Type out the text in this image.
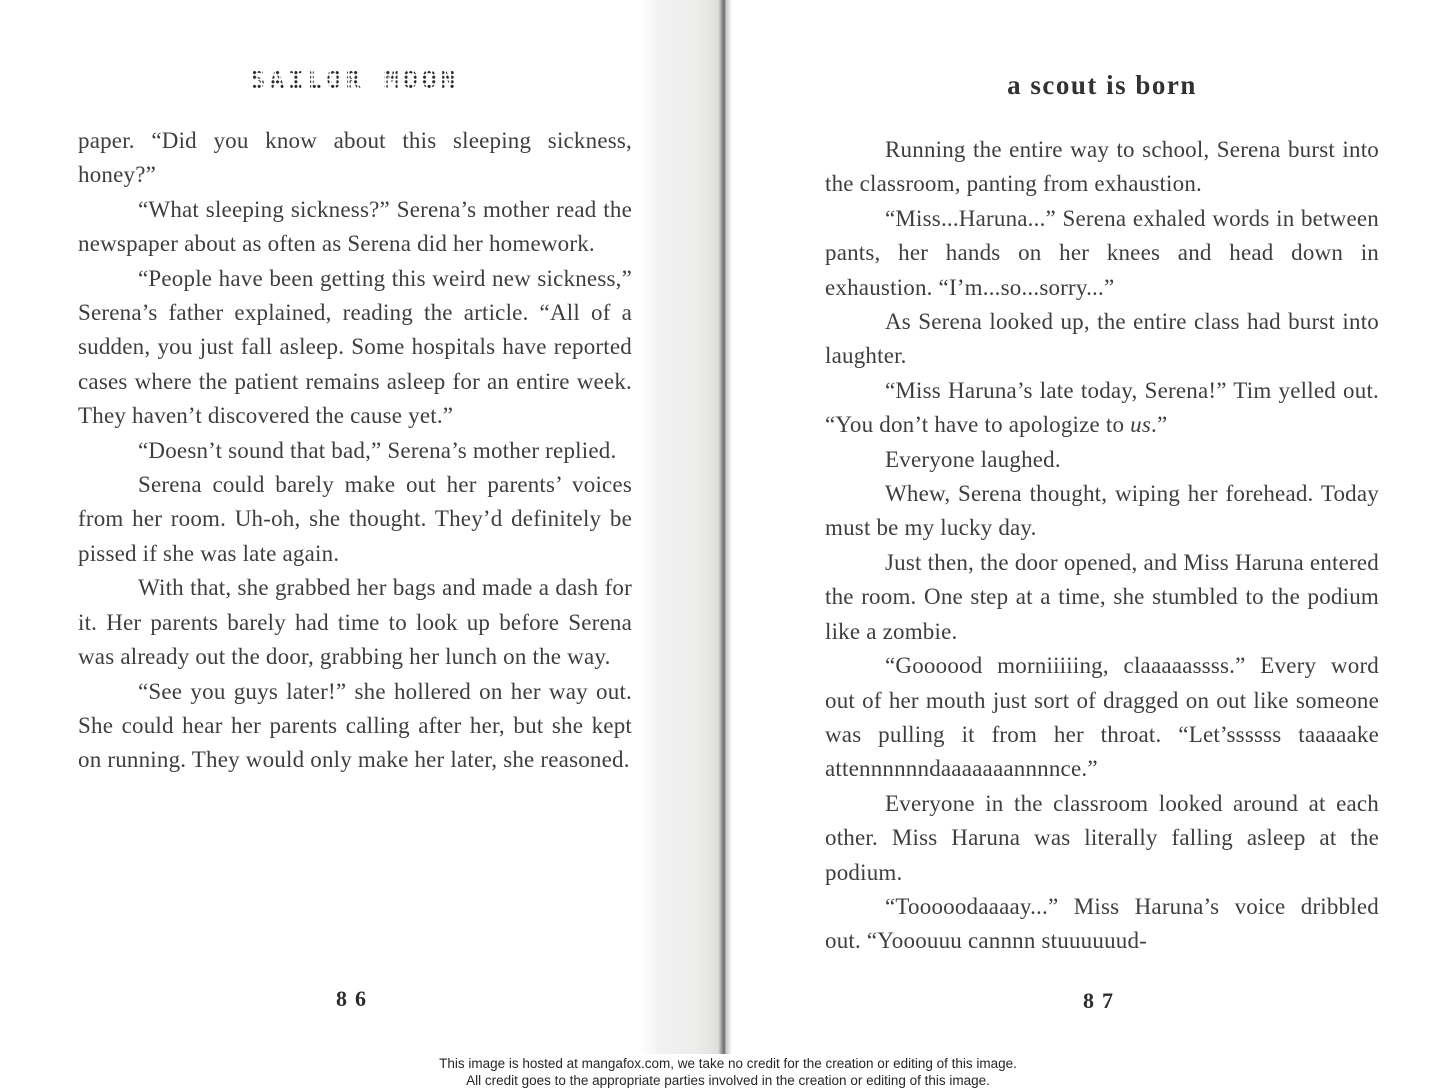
SAILOR MOON

paper. “Did you know about this sleeping sickness, honey?”

“What sleeping sickness?” Serena’s mother read the newspaper about as often as Serena did her homework.

“People have been getting this weird new sickness,” Serena’s father explained, reading the article. “All of a sudden, you just fall asleep. Some hospitals have reported cases where the patient remains asleep for an entire week. They haven’t discovered the cause yet.”

“Doesn’t sound that bad,” Serena’s mother replied.

Serena could barely make out her parents’ voices from her room. Uh-oh, she thought. They’d definitely be pissed if she was late again.

With that, she grabbed her bags and made a dash for it. Her parents barely had time to look up before Serena was already out the door, grabbing her lunch on the way.

“See you guys later!” she hollered on her way out. She could hear her parents calling after her, but she kept on running. They would only make her later, she reasoned.

86
a scout is born

Running the entire way to school, Serena burst into the classroom, panting from exhaustion.

“Miss...Haruna...” Serena exhaled words in between pants, her hands on her knees and head down in exhaustion. “I’m...so...sorry...”

As Serena looked up, the entire class had burst into laughter.

“Miss Haruna’s late today, Serena!” Tim yelled out. “You don’t have to apologize to us.”

Everyone laughed.

Whew, Serena thought, wiping her forehead. Today must be my lucky day.

Just then, the door opened, and Miss Haruna entered the room. One step at a time, she stumbled to the podium like a zombie.

“Goooood morniiiiing, claaaaassss.” Every word out of her mouth just sort of dragged on out like someone was pulling it from her throat. “Let’ssssss taaaaake attennnnnndaaaaaaannnnce.”

Everyone in the classroom looked around at each other. Miss Haruna was literally falling asleep at the podium.

“Tooooodaaaay...” Miss Haruna’s voice dribbled out. “Yooouuu cannnn stuuuuuud-

87
This image is hosted at mangafox.com, we take no credit for the creation or editing of this image.
All credit goes to the appropriate parties involved in the creation or editing of this image.
